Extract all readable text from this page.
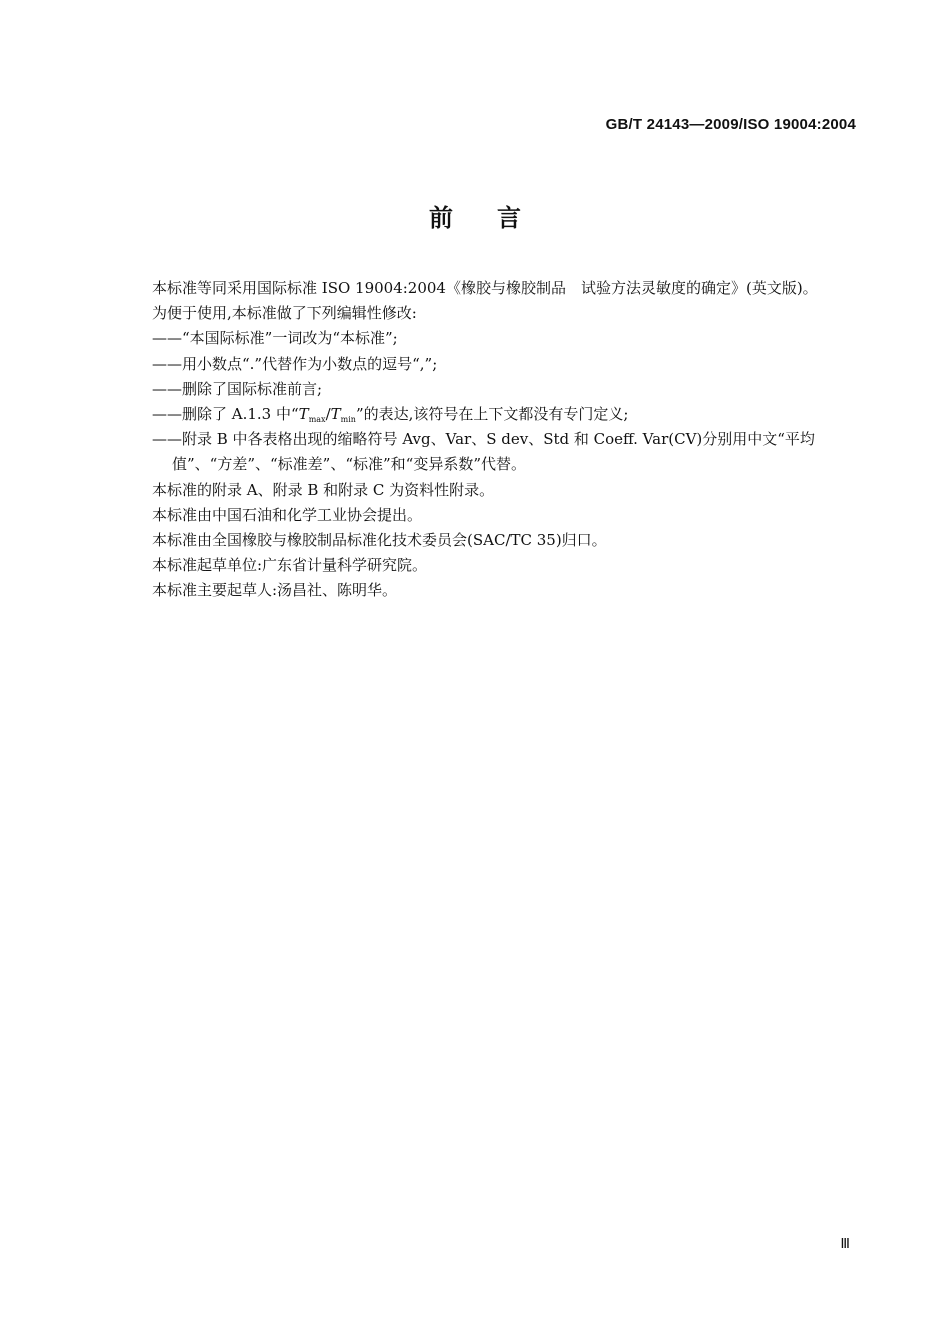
GB/T 24143—2009/ISO 19004:2004
前 言
本标准等同采用国际标准 ISO 19004:2004《橡胶与橡胶制品　试验方法灵敏度的确定》(英文版)。
为便于使用,本标准做了下列编辑性修改:
——“本国际标准”一词改为“本标准”;
——用小数点“.”代替作为小数点的逗号“,”;
——删除了国际标准前言;
——删除了 A.1.3 中“$T_{max}/T_{min}$”的表达,该符号在上下文都没有专门定义;
——附录 B 中各表格出现的缩略符号 Avg、Var、S dev、Std 和 Coeff. Var(CV)分别用中文“平均
值”、“方差”、“标准差”、“标准”和“变异系数”代替。
本标准的附录 A、附录 B 和附录 C 为资料性附录。
本标准由中国石油和化学工业协会提出。
本标准由全国橡胶与橡胶制品标准化技术委员会(SAC/TC 35)归口。
本标准起草单位:广东省计量科学研究院。
本标准主要起草人:汤昌社、陈明华。
Ⅲ
